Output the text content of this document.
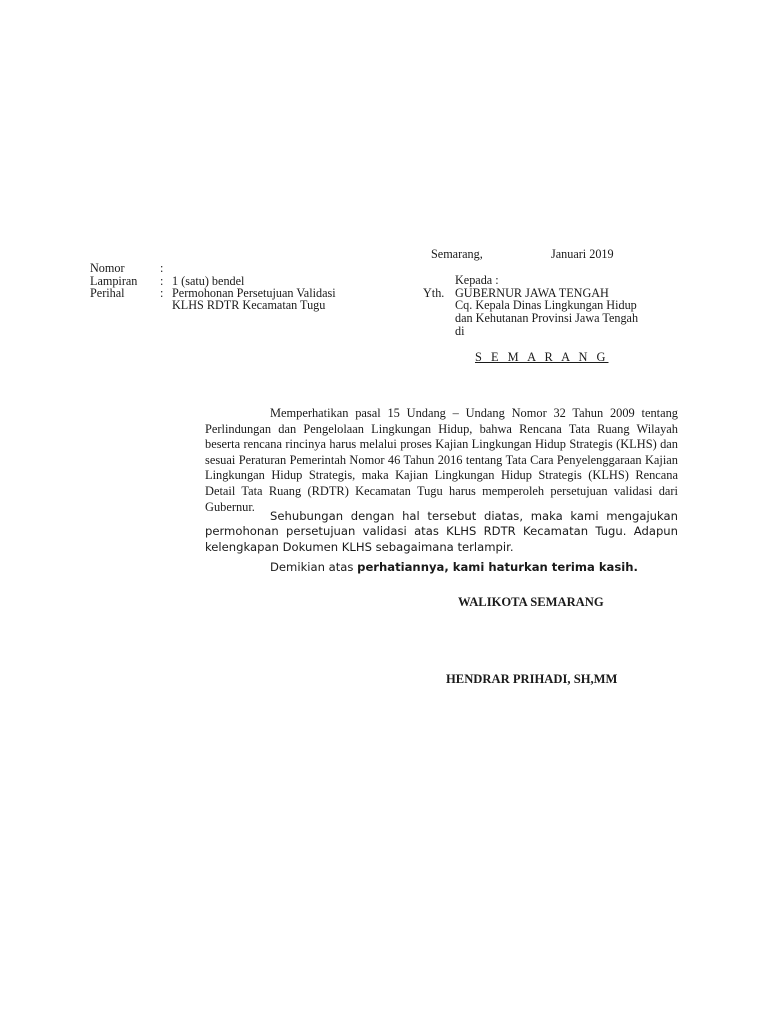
Semarang,	Januari 2019
Nomor	:
Lampiran	: 1 (satu) bendel
Perihal	: Permohonan Persetujuan Validasi
KLHS RDTR Kecamatan Tugu
Kepada :
Yth. GUBERNUR JAWA TENGAH
Cq. Kepala Dinas Lingkungan Hidup
dan Kehutanan Provinsi Jawa Tengah
di
S E M A R A N G
Memperhatikan pasal 15 Undang – Undang Nomor 32 Tahun 2009 tentang Perlindungan dan Pengelolaan Lingkungan Hidup, bahwa Rencana Tata Ruang Wilayah beserta rencana rincinya harus melalui proses Kajian Lingkungan Hidup Strategis (KLHS) dan sesuai Peraturan Pemerintah Nomor 46 Tahun 2016 tentang Tata Cara Penyelenggaraan Kajian Lingkungan Hidup Strategis, maka Kajian Lingkungan Hidup Strategis (KLHS) Rencana Detail Tata Ruang (RDTR) Kecamatan Tugu harus memperoleh persetujuan validasi dari Gubernur.
Sehubungan dengan hal tersebut diatas, maka kami mengajukan permohonan persetujuan validasi atas KLHS RDTR Kecamatan Tugu. Adapun kelengkapan Dokumen KLHS sebagaimana terlampir.
Demikian atas perhatiannya, kami haturkan terima kasih.
WALIKOTA SEMARANG
HENDRAR PRIHADI, SH,MM
